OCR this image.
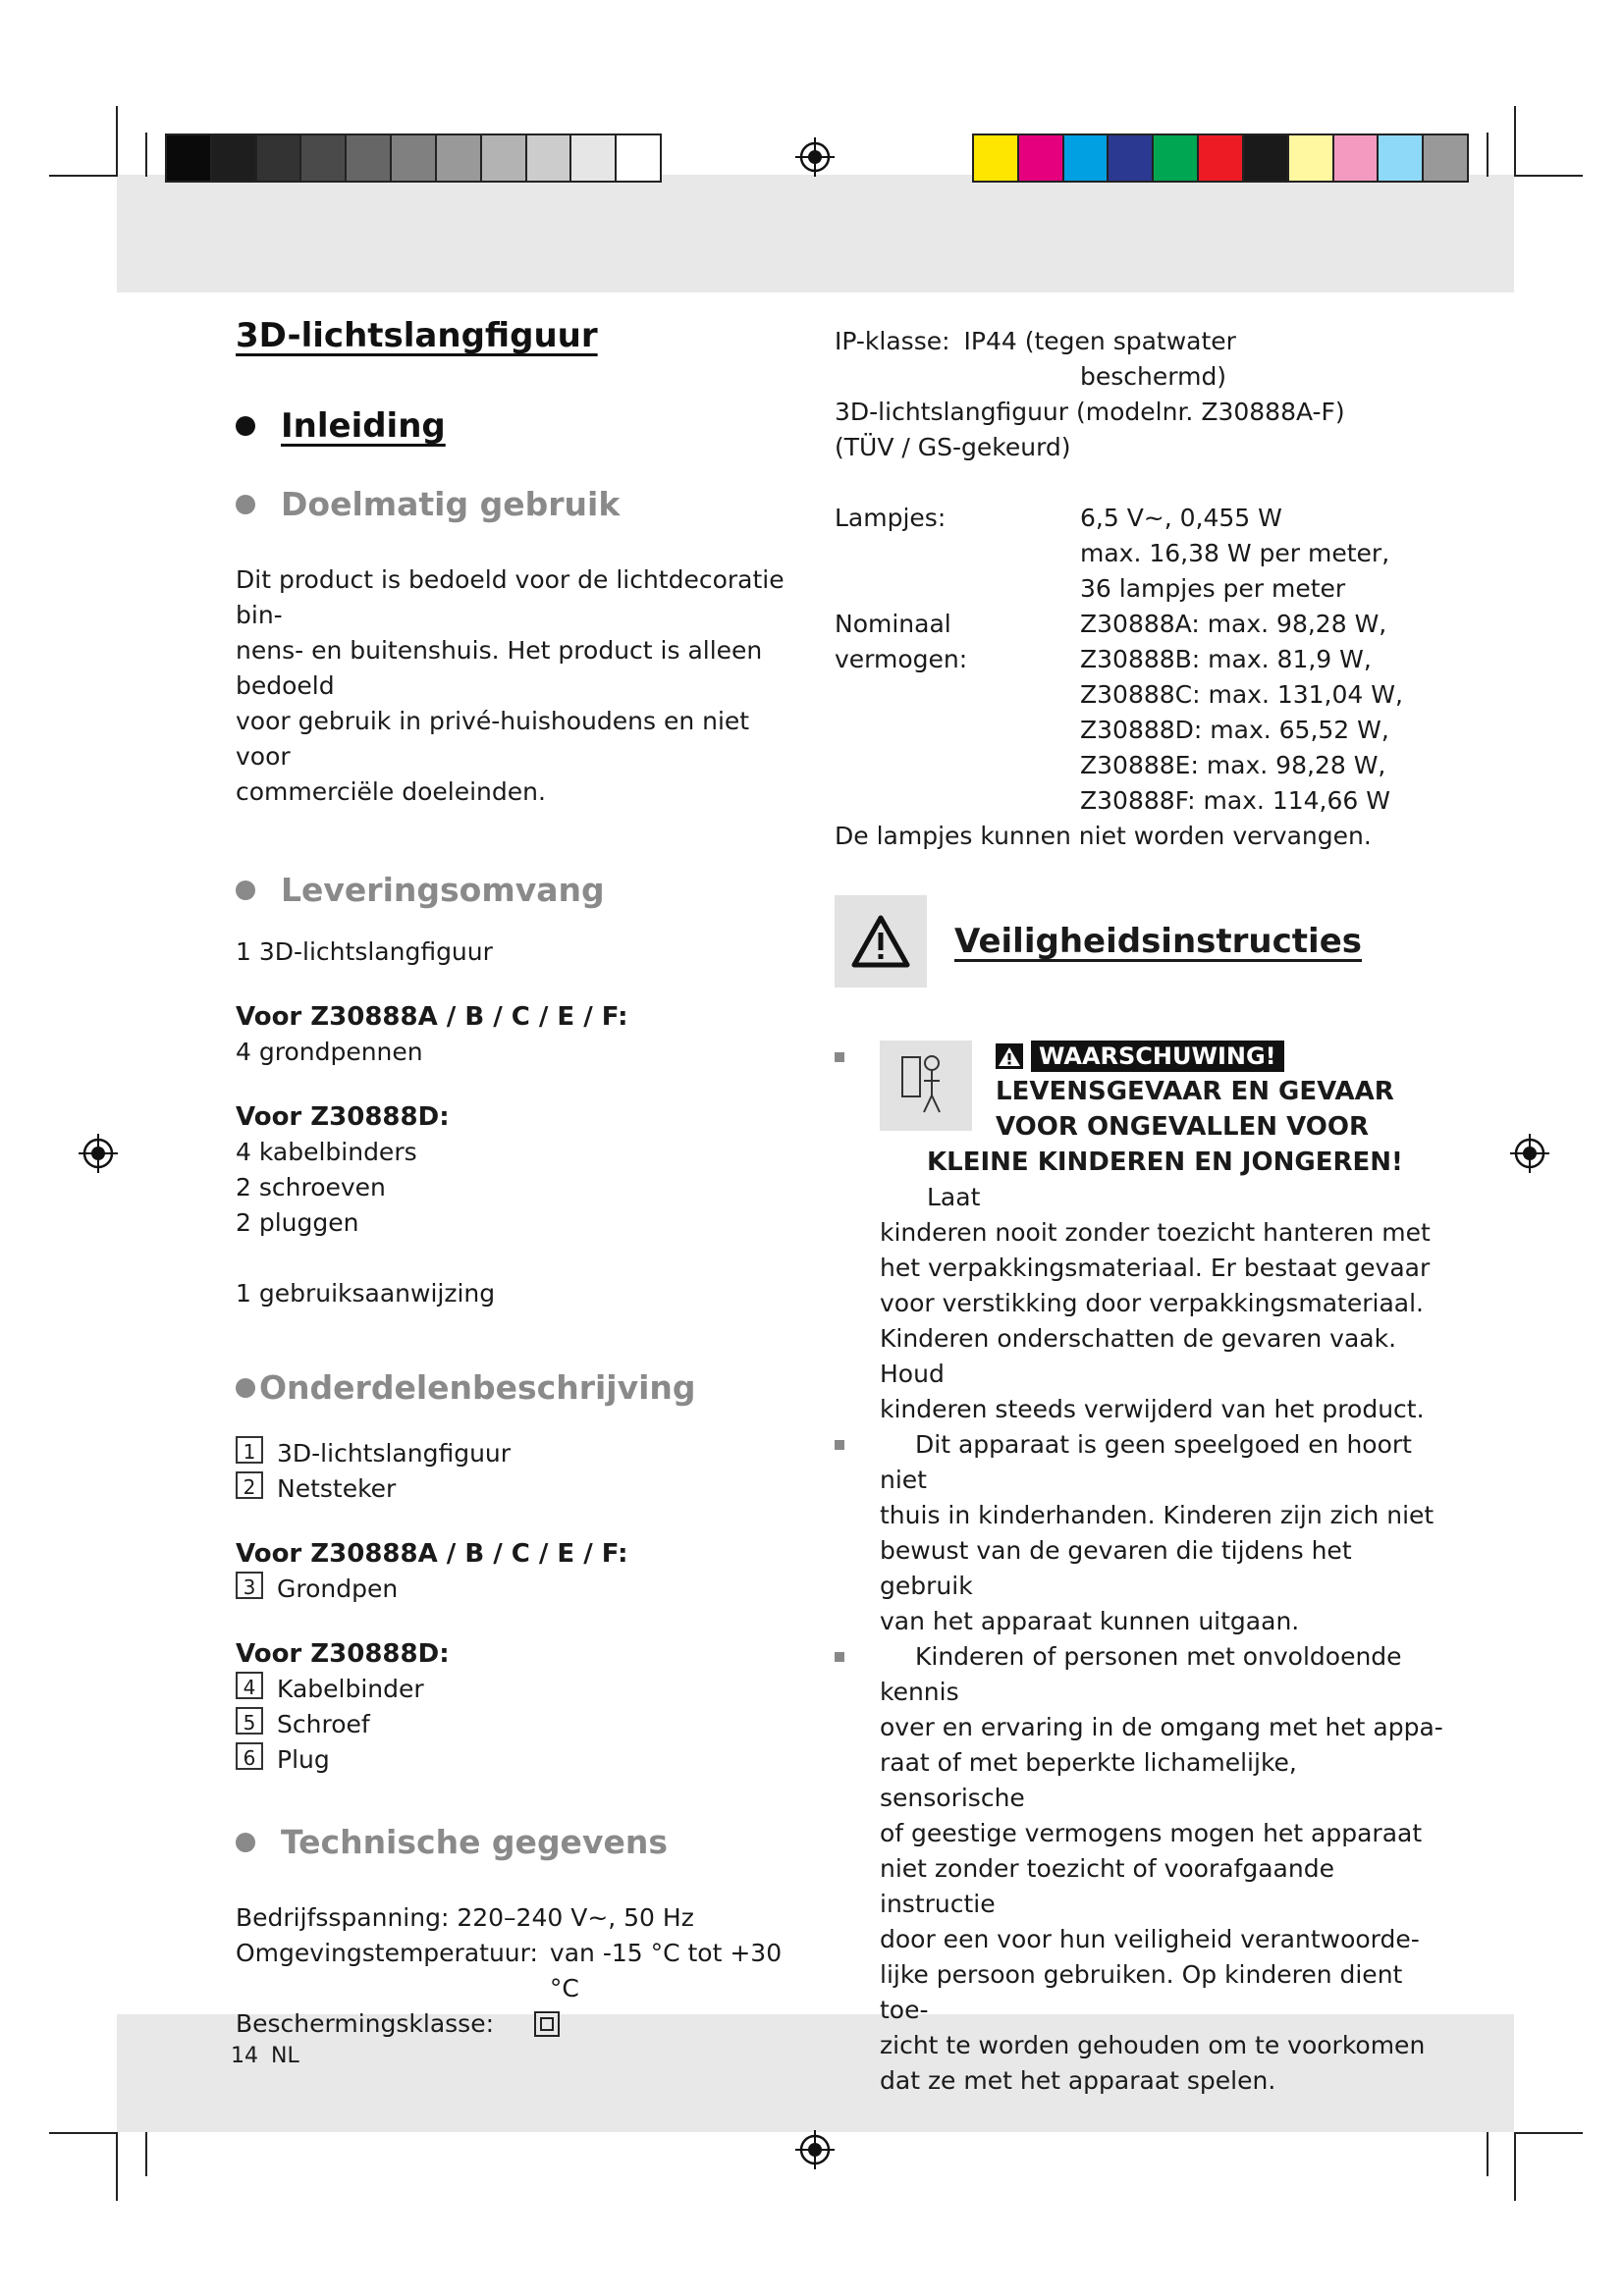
3D-lichtslangfiguur
Inleiding
Doelmatig gebruik

Dit product is bedoeld voor de lichtdecoratie bin-

nens- en buitenshuis. Het product is alleen bedoeld

voor gebruik in privé-huishoudens en niet voor

commerciële doeleinden.

Leveringsomvang

1 3D-lichtslangfiguur

Voor Z30888A / B / C / E / F:

4 grondpennen

Voor Z30888D:

4 kabelbinders

2 schroeven

2 pluggen

1 gebruiksaanwijzing

Onderdelenbeschrijving
1 3D-lichtslangfiguur
2 Netsteker

Voor Z30888A / B / C / E / F:

3 Grondpen

Voor Z30888D:

4 Kabelbinder
5 Schroef
6 Plug
Technische gegevens

Bedrijfsspanning: 220–240 V~, 50 Hz

Omgevingstemperatuur: van -15 °C tot +30 °C
Beschermingsklasse:
IP-klasse: IP44 (tegen spatwater

beschermd)

3D-lichtslangfiguur (modelnr. Z30888A-F)

(TÜV / GS-gekeurd)

Lampjes:	6,5 V~, 0,455 W
max. 16,38 W per meter,
36 lampjes per meter
Nominaal vermogen:
Z30888A: max. 98,28 W,
Z30888B: max. 81,9 W,
Z30888C: max. 131,04 W,
Z30888D: max. 65,52 W,
Z30888E: max. 98,28 W,
Z30888F: max. 114,66 W

De lampjes kunnen niet worden vervangen.

Veiligheidsinstructies
WAARSCHUWING!

LEVENSGEVAAR EN GEVAAR

VOOR ONGEVALLEN VOOR

KLEINE KINDEREN EN JONGEREN! Laat

kinderen nooit zonder toezicht hanteren met

het verpakkingsmateriaal. Er bestaat gevaar

voor verstikking door verpakkingsmateriaal.

Kinderen onderschatten de gevaren vaak. Houd

kinderen steeds verwijderd van het product.

Dit apparaat is geen speelgoed en hoort niet

thuis in kinderhanden. Kinderen zijn zich niet

bewust van de gevaren die tijdens het gebruik

van het apparaat kunnen uitgaan.

Kinderen of personen met onvoldoende kennis

over en ervaring in de omgang met het appa-

raat of met beperkte lichamelijke, sensorische

of geestige vermogens mogen het apparaat

niet zonder toezicht of voorafgaande instructie

door een voor hun veiligheid verantwoorde-

lijke persoon gebruiken. Op kinderen dient toe-

zicht te worden gehouden om te voorkomen

dat ze met het apparaat spelen.

14 NL
